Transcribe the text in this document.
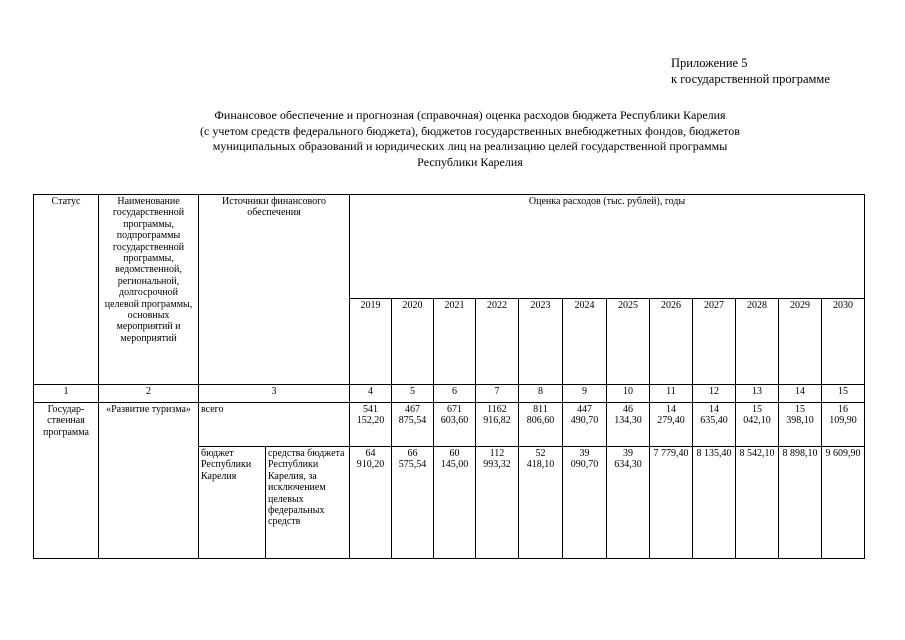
Приложение 5
к государственной программе
Финансовое обеспечение и прогнозная (справочная) оценка расходов бюджета Республики Карелия
(с учетом средств федерального бюджета), бюджетов государственных внебюджетных фондов, бюджетов
муниципальных образований и юридических лиц на реализацию целей государственной программы
Республики Карелия
Статус	Наименование государственной программы, подпрограммы государственной программы, ведомственной, региональной, долгосрочной целевой программы, основных мероприятий и мероприятий	Источники финансового обеспечения		Оценка расходов (тыс. рублей), годы											
				2019	2020	2021	2022	2023	2024	2025	2026	2027	2028	2029	2030
1	2	3		4	5	6	7	8	9	10	11	12	13	14	15
Государ-ственная программа	«Развитие туризма»	всего		541 152,20	467 875,54	671 603,60	1162 916,82	811 806,60	447 490,70	46 134,30	14 279,40	14 635,40	15 042,10	15 398,10	16 109,90
		бюджет Республики Карелия	средства бюджета Республики Карелия, за исключением целевых федеральных средств	64 910,20	66 575,54	60 145,00	112 993,32	52 418,10	39 090,70	39 634,30	7 779,40	8 135,40	8 542,10	8 898,10	9 609,90
